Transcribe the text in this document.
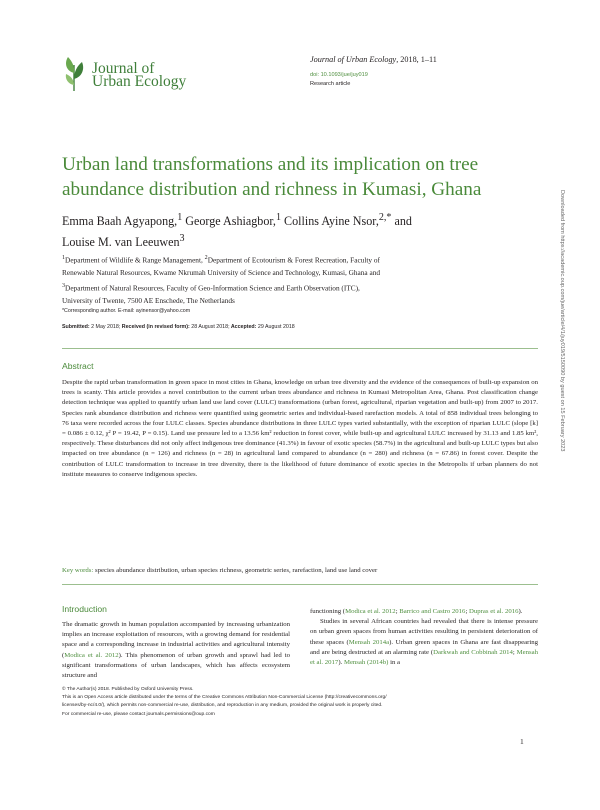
Journal of
Urban Ecology
Journal of Urban Ecology, 2018, 1–11
doi: 10.1093/jue/juy019
Research article
Urban land transformations and its implication on tree abundance distribution and richness in Kumasi, Ghana
Emma Baah Agyapong,$^1$ George Ashiagbor,$^1$ Collins Ayine Nsor,$^{2,*}$ and
Louise M. van Leeuwen$^3$
$^1$Department of Wildlife & Range Management, $^2$Department of Ecotourism & Forest Recreation, Faculty of
Renewable Natural Resources, Kwame Nkrumah University of Science and Technology, Kumasi, Ghana and
$^3$Department of Natural Resources, Faculty of Geo-Information Science and Earth Observation (ITC),
University of Twente, 7500 AE Enschede, The Netherlands
*Corresponding author. E-mail: ayinensor@yahoo.com
Submitted: 2 May 2018; Received (in revised form): 28 August 2018; Accepted: 29 August 2018
Abstract
Despite the rapid urban transformation in green space in most cities in Ghana, knowledge on urban tree diversity and the evidence of the consequences of built-up expansion on trees is scanty. This article provides a novel contribution to the current urban trees abundance and richness in Kumasi Metropolitan Area, Ghana. Post classification change detection technique was applied to quantify urban land use land cover (LULC) transformations (urban forest, agricultural, riparian vegetation and built-up) from 2007 to 2017. Species rank abundance distribution and richness were quantified using geometric series and individual-based rarefaction models. A total of 858 individual trees belonging to 76 taxa were recorded across the four LULC classes. Species abundance distributions in three LULC types varied substantially, with the exception of riparian LULC (slope [k] = 0.086 ± 0.12, χ² P = 19.42, P = 0.15). Land use pressure led to a 13.56 km² reduction in forest cover, while built-up and agricultural LULC increased by 31.13 and 1.85 km², respectively. These disturbances did not only affect indigenous tree dominance (41.3%) in favour of exotic species (58.7%) in the agricultural and built-up LULC types but also impacted on tree abundance (n = 126) and richness (n = 28) in agricultural land compared to abundance (n = 280) and richness (n = 67.86) in forest cover. Despite the contribution of LULC transformation to increase in tree diversity, there is the likelihood of future dominance of exotic species in the Metropolis if urban planners do not institute measures to conserve indigenous species.
Key words: species abundance distribution, urban species richness, geometric series, rarefaction, land use land cover
Introduction
The dramatic growth in human population accompanied by increasing urbanization implies an increase exploitation of resources, with a growing demand for residential space and a corresponding increase in industrial activities and agricultural intensity (Modica et al. 2012). This phenomenon of urban growth and sprawl had led to significant transformations of urban landscapes, which has affects ecosystem structure and

functioning (Modica et al. 2012; Barrico and Castro 2016; Dupras et al. 2016).

Studies in several African countries had revealed that there is intense pressure on urban green spaces from human activities resulting in persistent deterioration of these spaces (Mensah 2014a). Urban green spaces in Ghana are fast disappearing and are being destructed at an alarming rate (Darkwah and Cobbinah 2014; Mensah et al. 2017). Mensah (2014b) in a

© The Author(s) 2018. Published by Oxford University Press.
This is an Open Access article distributed under the terms of the Creative Commons Attribution Non-Commercial License (http://creativecommons.org/
licenses/by-nc/4.0/), which permits non-commercial re-use, distribution, and reproduction in any medium, provided the original work is properly cited.
For commercial re-use, please contact journals.permissions@oup.com
1
Downloaded from https://academic.oup.com/jue/article/4/1/juy019/5150090 by guest on 15 February 2023
